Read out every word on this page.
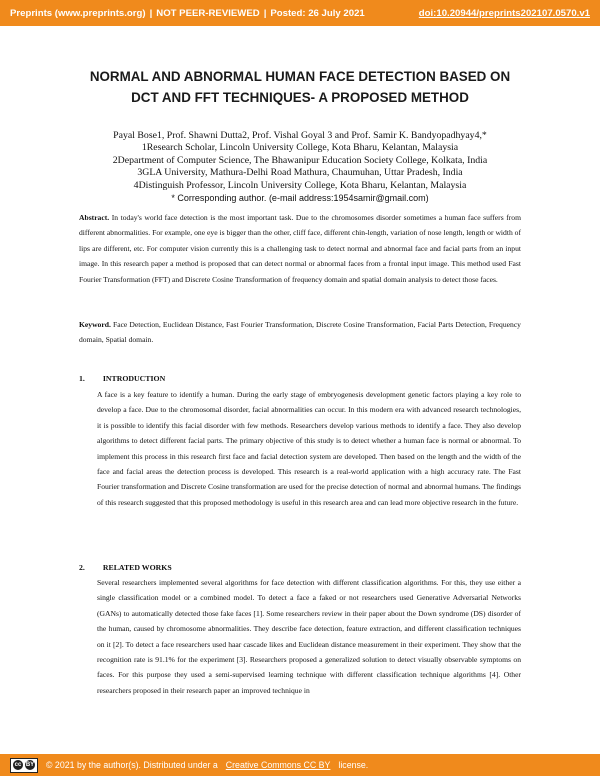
Preprints (www.preprints.org) | NOT PEER-REVIEWED | Posted: 26 July 2021	doi:10.20944/preprints202107.0570.v1
NORMAL AND ABNORMAL HUMAN FACE DETECTION BASED ON
DCT AND FFT TECHNIQUES- A PROPOSED METHOD
Payal Bose1, Prof. Shawni Dutta2, Prof. Vishal Goyal 3 and Prof. Samir K. Bandyopadhyay4,*
1Research Scholar, Lincoln University College, Kota Bharu, Kelantan, Malaysia
2Department of Computer Science, The Bhawanipur Education Society College, Kolkata, India
3GLA University, Mathura-Delhi Road Mathura, Chaumuhan, Uttar Pradesh, India
4Distinguish Professor, Lincoln University College, Kota Bharu, Kelantan, Malaysia
* Corresponding author. (e-mail address:1954samir@gmail.com)
Abstract. In today's world face detection is the most important task. Due to the chromosomes disorder sometimes a human face suffers from different abnormalities. For example, one eye is bigger than the other, cliff face, different chin-length, variation of nose length, length or width of lips are different, etc. For computer vision currently this is a challenging task to detect normal and abnormal face and facial parts from an input image. In this research paper a method is proposed that can detect normal or abnormal faces from a frontal input image. This method used Fast Fourier Transformation (FFT) and Discrete Cosine Transformation of frequency domain and spatial domain analysis to detect those faces.
Keyword. Face Detection, Euclidean Distance, Fast Fourier Transformation, Discrete Cosine Transformation, Facial Parts Detection, Frequency domain, Spatial domain.
1. INTRODUCTION
A face is a key feature to identify a human. During the early stage of embryogenesis development genetic factors playing a key role to develop a face. Due to the chromosomal disorder, facial abnormalities can occur. In this modern era with advanced research technologies, it is possible to identify this facial disorder with few methods. Researchers develop various methods to identify a face. They also develop algorithms to detect different facial parts. The primary objective of this study is to detect whether a human face is normal or abnormal. To implement this process in this research first face and facial detection system are developed. Then based on the length and the width of the face and facial areas the detection process is developed. This research is a real-world application with a high accuracy rate. The Fast Fourier transformation and Discrete Cosine transformation are used for the precise detection of normal and abnormal humans. The findings of this research suggested that this proposed methodology is useful in this research area and can lead more objective research in the future.
2. RELATED WORKS
Several researchers implemented several algorithms for face detection with different classification algorithms. For this, they use either a single classification model or a combined model. To detect a face a faked or not researchers used Generative Adversarial Networks (GANs) to automatically detected those fake faces [1]. Some researchers review in their paper about the Down syndrome (DS) disorder of the human, caused by chromosome abnormalities. They describe face detection, feature extraction, and different classification techniques on it [2]. To detect a face researchers used haar cascade likes and Euclidean distance measurement in their experiment. They show that the recognition rate is 91.1% for the experiment [3]. Researchers proposed a generalized solution to detect visually observable symptoms on faces. For this purpose they used a semi-supervised learning technique with different classification technique algorithms [4]. Other researchers proposed in their research paper an improved technique in
cc BY © 2021 by the author(s). Distributed under a Creative Commons CC BY license.
